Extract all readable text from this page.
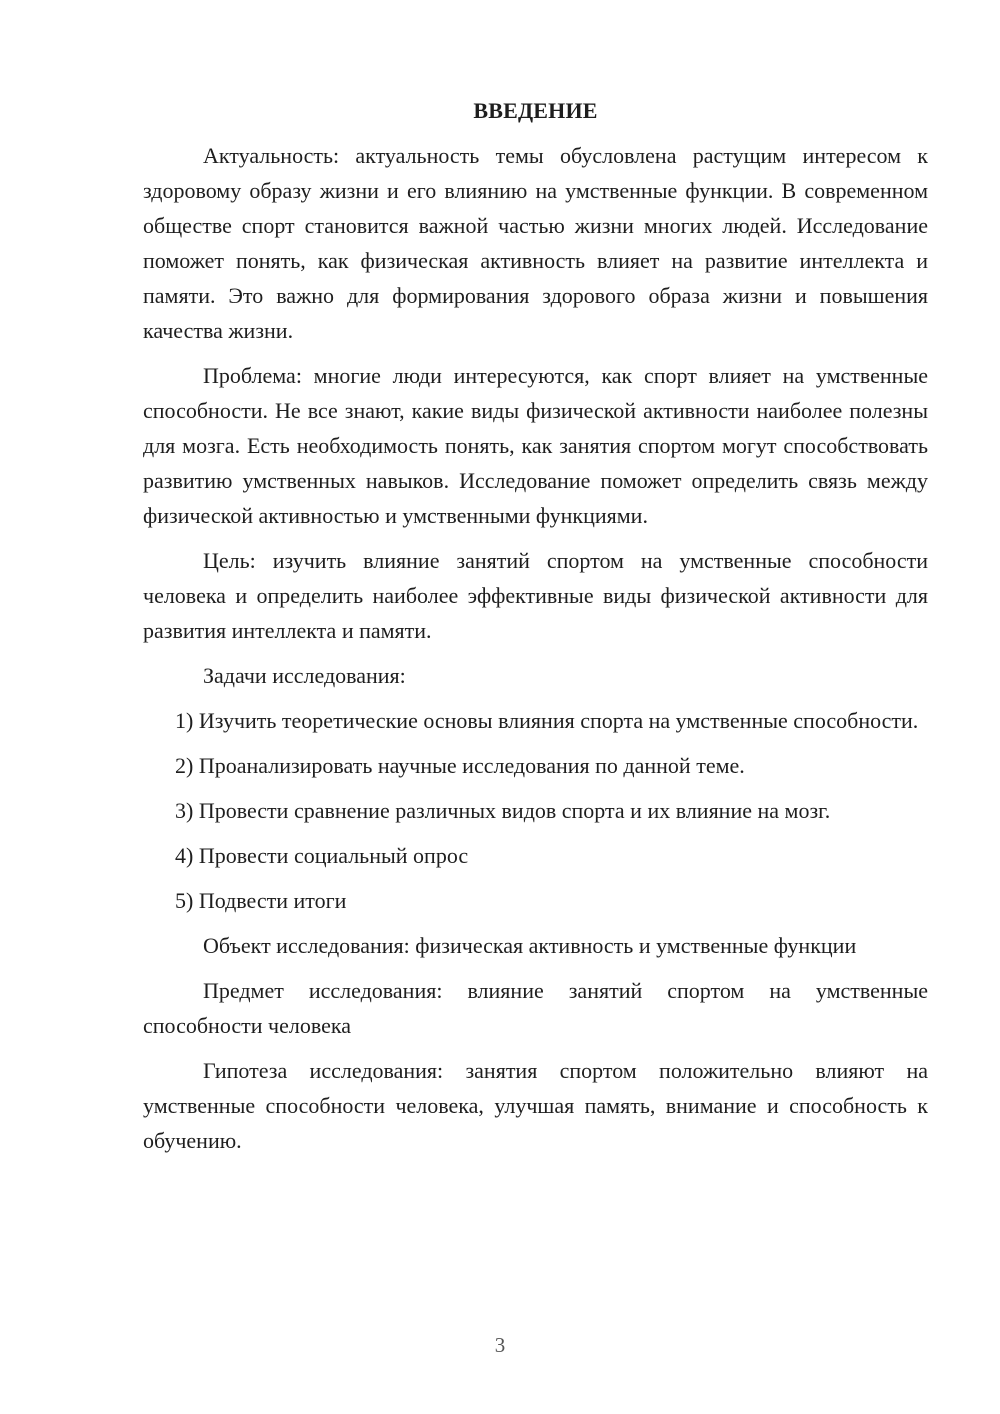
ВВЕДЕНИЕ

Актуальность: актуальность темы обусловлена растущим интересом к здоровому образу жизни и его влиянию на умственные функции. В современном обществе спорт становится важной частью жизни многих людей. Исследование поможет понять, как физическая активность влияет на развитие интеллекта и памяти. Это важно для формирования здорового образа жизни и повышения качества жизни.

Проблема: многие люди интересуются, как спорт влияет на умственные способности. Не все знают, какие виды физической активности наиболее полезны для мозга. Есть необходимость понять, как занятия спортом могут способствовать развитию умственных навыков. Исследование поможет определить связь между физической активностью и умственными функциями.

Цель: изучить влияние занятий спортом на умственные способности человека и определить наиболее эффективные виды физической активности для развития интеллекта и памяти.

Задачи исследования:

1) Изучить теоретические основы влияния спорта на умственные способности.

2) Проанализировать научные исследования по данной теме.

3) Провести сравнение различных видов спорта и их влияние на мозг.

4) Провести социальный опрос

5) Подвести итоги

Объект исследования: физическая активность и умственные функции

Предмет исследования: влияние занятий спортом на умственные способности человека

Гипотеза исследования: занятия спортом положительно влияют на умственные способности человека, улучшая память, внимание и способность к обучению.

3
